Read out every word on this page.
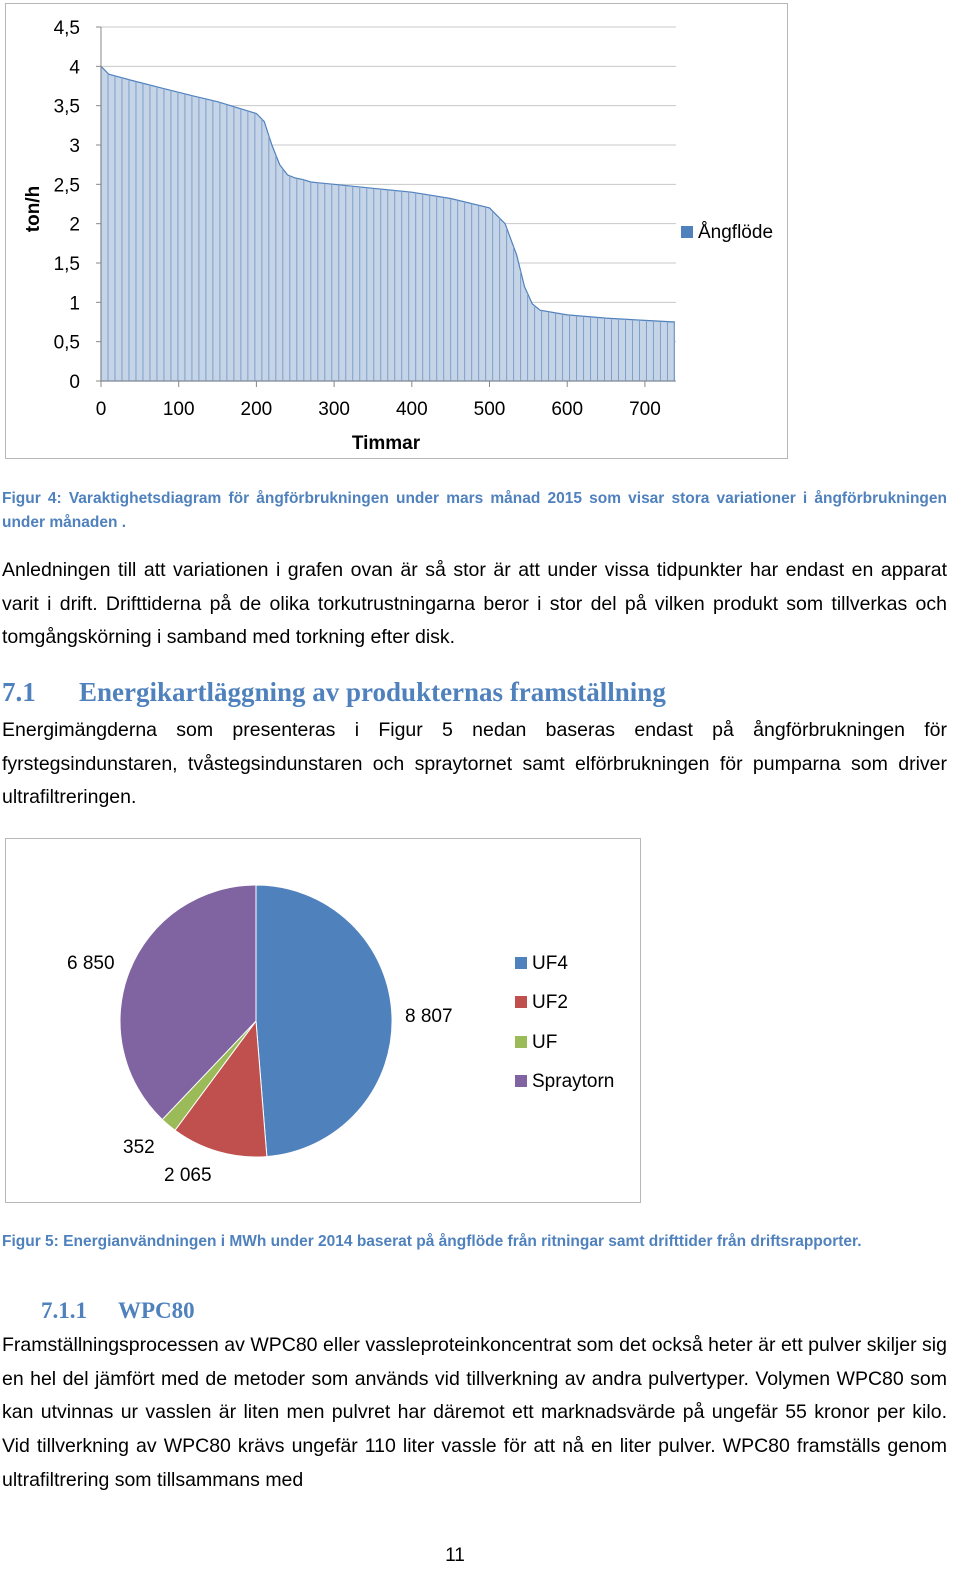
0
0,5
1
1,5
2
2,5
3
3,5
4
4,5
0	100 200 300 400 500 600 700
ton/h
Timmar
Ångflöde
Figur 4: Varaktighetsdiagram för ångförbrukningen under mars månad 2015 som visar stora variationer i ångförbrukningen under månaden .
Anledningen till att variationen i grafen ovan är så stor är att under vissa tidpunkter har endast en apparat varit i drift. Drifttiderna på de olika torkutrustningarna beror i stor del på vilken produkt som tillverkas och tomgångskörning i samband med torkning efter disk.
7.1 Energikartläggning av produkternas framställning
Energimängderna som presenteras i Figur 5 nedan baseras endast på ångförbrukningen för fyrstegsindunstaren, tvåstegsindunstaren och spraytornet samt elförbrukningen för pumparna som driver ultrafiltreringen.
8 807
2 065
352
6 850	UF4
UF2
UF
Spraytorn
Figur 5: Energianvändningen i MWh under 2014 baserat på ångflöde från ritningar samt drifttider från driftsrapporter.
7.1.1 WPC80
Framställningsprocessen av WPC80 eller vassleproteinkoncentrat som det också heter är ett pulver skiljer sig en hel del jämfört med de metoder som används vid tillverkning av andra pulvertyper. Volymen WPC80 som kan utvinnas ur vasslen är liten men pulvret har däremot ett marknadsvärde på ungefär 55 kronor per kilo. Vid tillverkning av WPC80 krävs ungefär 110 liter vassle för att nå en liter pulver. WPC80 framställs genom ultrafiltrering som tillsammans med
11
